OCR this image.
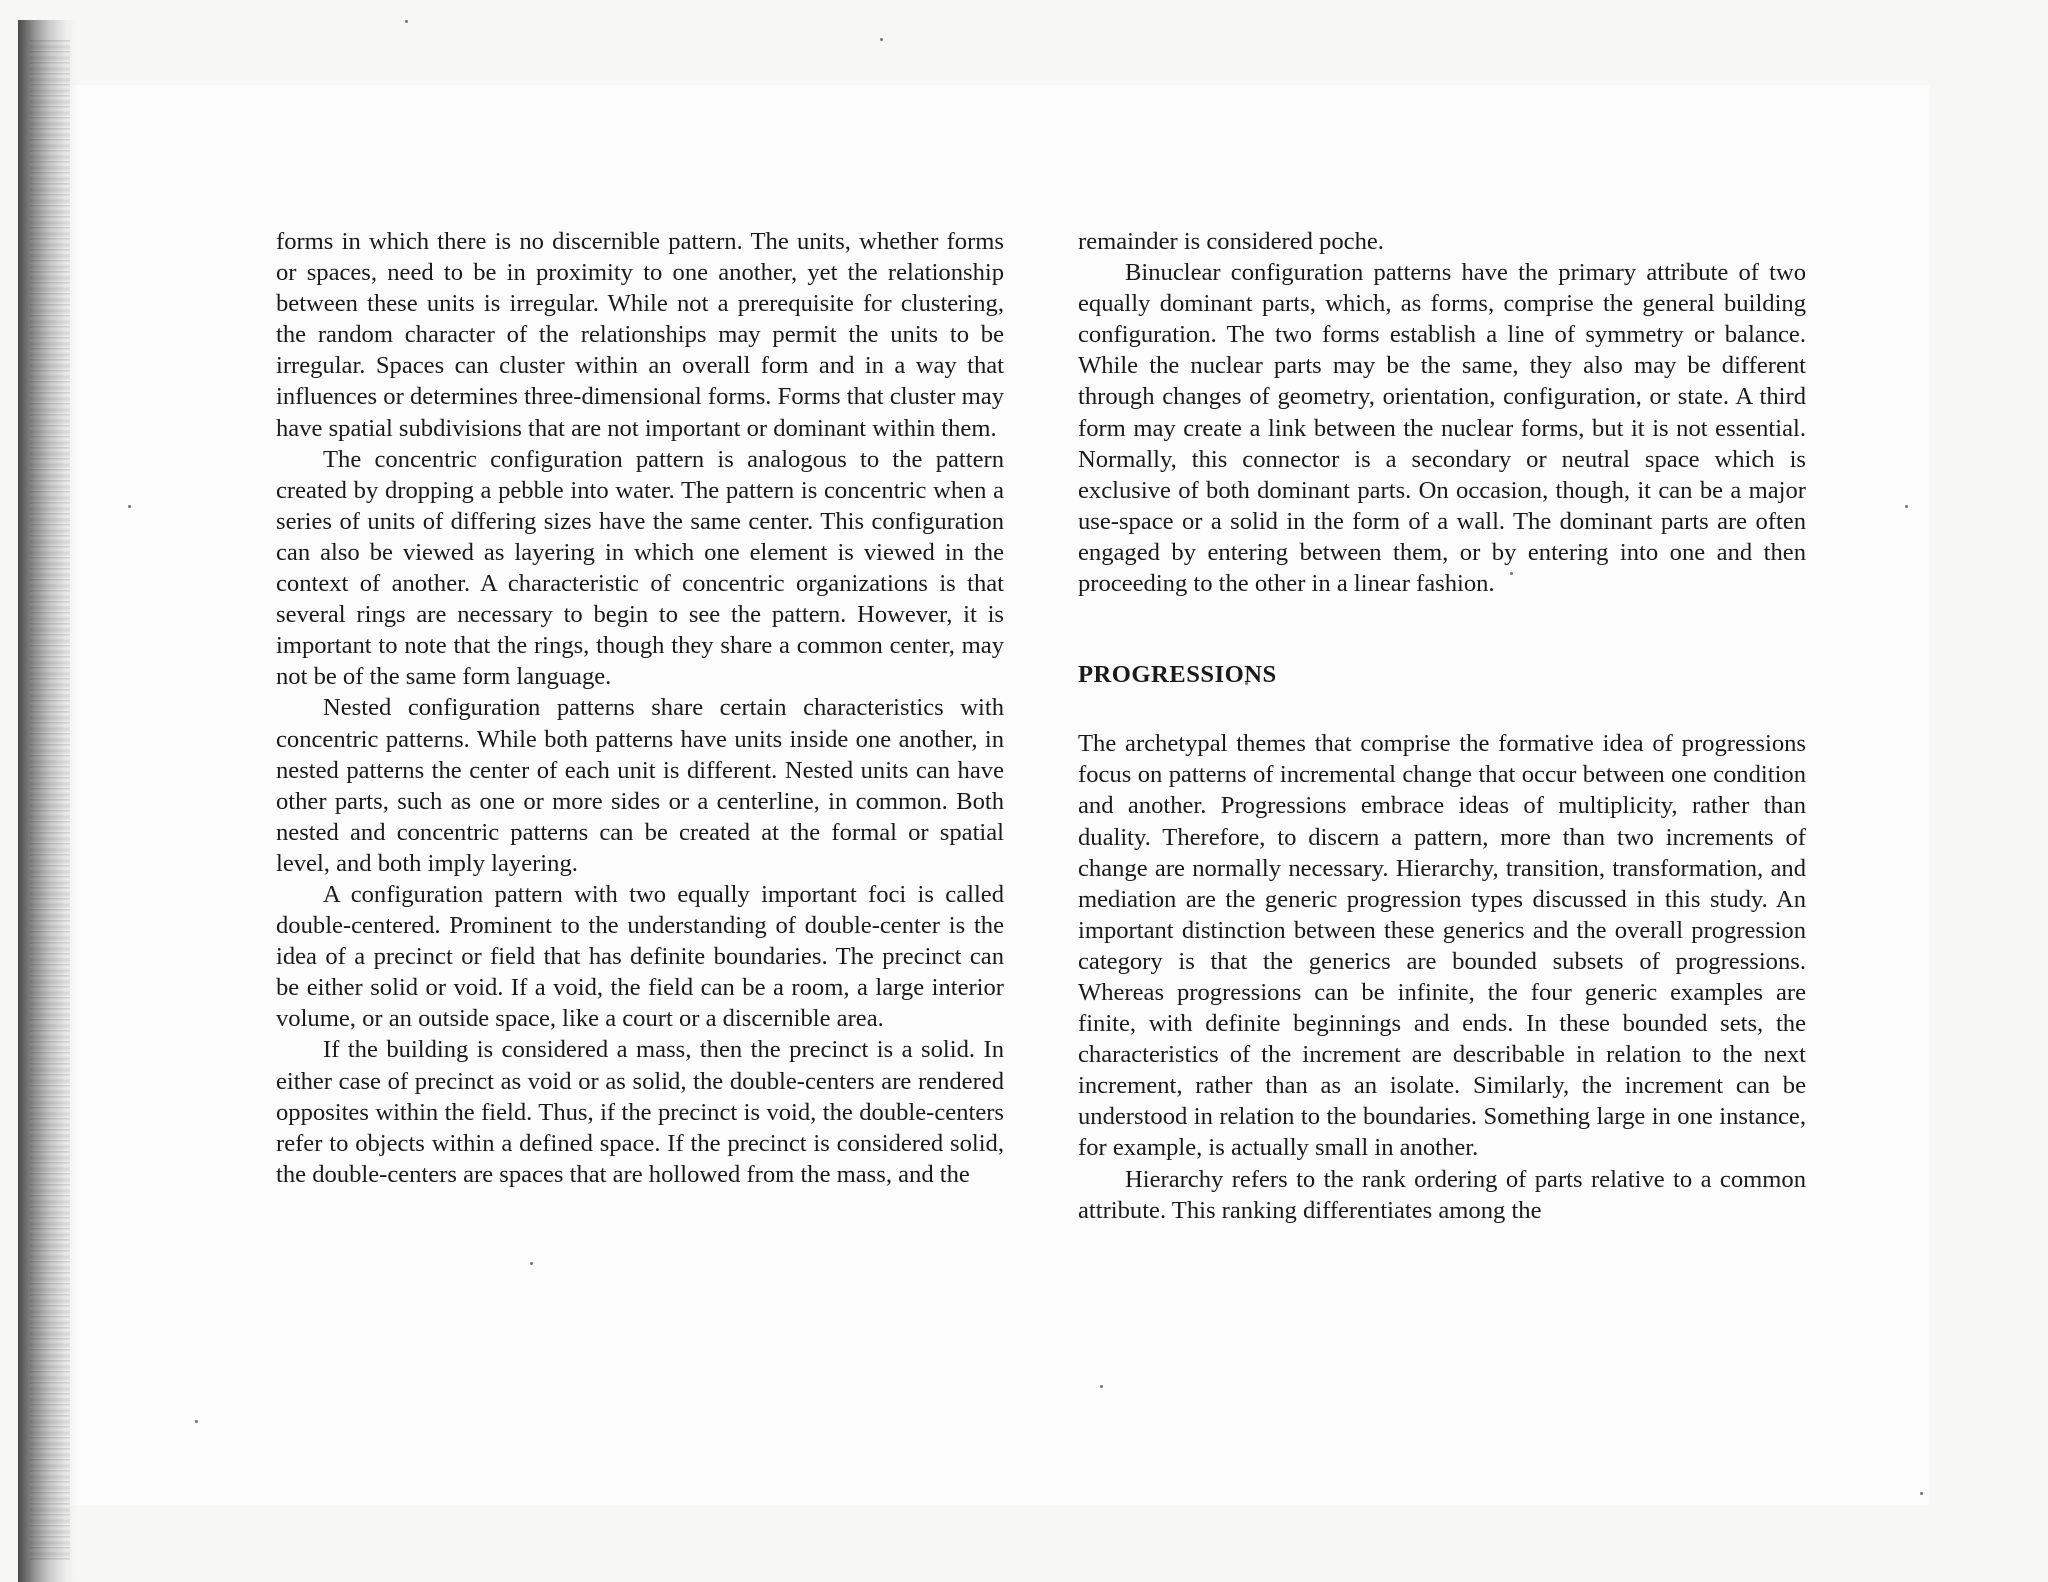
forms in which there is no discernible pattern. The units, whether forms or spaces, need to be in proximity to one another, yet the relationship between these units is irregular. While not a prerequisite for clustering, the random character of the relationships may permit the units to be irregular. Spaces can cluster within an overall form and in a way that influences or determines three-dimensional forms. Forms that cluster may have spatial subdivisions that are not important or dominant within them.

The concentric configuration pattern is analogous to the pattern created by dropping a pebble into water. The pattern is concentric when a series of units of differing sizes have the same center. This configuration can also be viewed as layering in which one element is viewed in the context of another. A characteristic of concentric organizations is that several rings are necessary to begin to see the pattern. However, it is important to note that the rings, though they share a common center, may not be of the same form language.

Nested configuration patterns share certain characteristics with concentric patterns. While both patterns have units inside one another, in nested patterns the center of each unit is different. Nested units can have other parts, such as one or more sides or a centerline, in common. Both nested and concentric patterns can be created at the formal or spatial level, and both imply layering.

A configuration pattern with two equally important foci is called double-centered. Prominent to the understanding of double-center is the idea of a precinct or field that has definite boundaries. The precinct can be either solid or void. If a void, the field can be a room, a large interior volume, or an outside space, like a court or a discernible area.

If the building is considered a mass, then the precinct is a solid. In either case of precinct as void or as solid, the double-centers are rendered opposites within the field. Thus, if the precinct is void, the double-centers refer to objects within a defined space. If the precinct is considered solid, the double-centers are spaces that are hollowed from the mass, and the

remainder is considered poche.

Binuclear configuration patterns have the primary attribute of two equally dominant parts, which, as forms, comprise the general building configuration. The two forms establish a line of symmetry or balance. While the nuclear parts may be the same, they also may be different through changes of geometry, orientation, configuration, or state. A third form may create a link between the nuclear forms, but it is not essential. Normally, this connector is a secondary or neutral space which is exclusive of both dominant parts. On occasion, though, it can be a major use-space or a solid in the form of a wall. The dominant parts are often engaged by entering between them, or by entering into one and then proceeding to the other in a linear fashion.

PROGRESSIONS

The archetypal themes that comprise the formative idea of progressions focus on patterns of incremental change that occur between one condition and another. Progressions embrace ideas of multiplicity, rather than duality. Therefore, to discern a pattern, more than two increments of change are normally necessary. Hierarchy, transition, transformation, and mediation are the generic progression types discussed in this study. An important distinction between these generics and the overall progression category is that the generics are bounded subsets of progressions. Whereas progressions can be infinite, the four generic examples are finite, with definite beginnings and ends. In these bounded sets, the characteristics of the increment are describable in relation to the next increment, rather than as an isolate. Similarly, the increment can be understood in relation to the boundaries. Something large in one instance, for example, is actually small in another.

Hierarchy refers to the rank ordering of parts relative to a common attribute. This ranking differentiates among the
